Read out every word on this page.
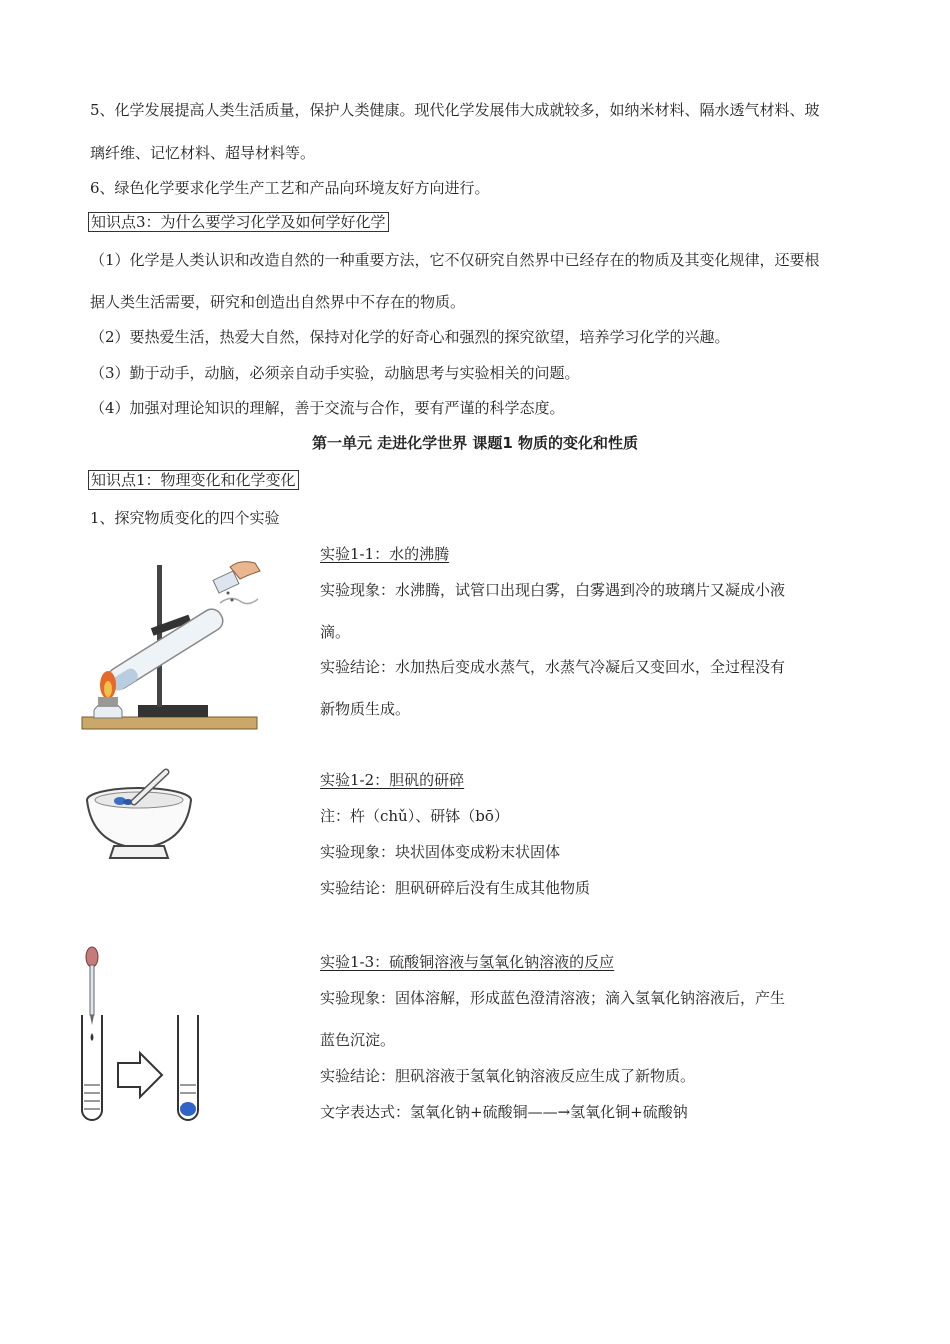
5、化学发展提高人类生活质量，保护人类健康。现代化学发展伟大成就较多，如纳米材料、隔水透气材料、玻
璃纤维、记忆材料、超导材料等。
6、绿色化学要求化学生产工艺和产品向环境友好方向进行。
知识点3：为什么要学习化学及如何学好化学
（1）化学是人类认识和改造自然的一种重要方法，它不仅研究自然界中已经存在的物质及其变化规律，还要根
据人类生活需要，研究和创造出自然界中不存在的物质。
（2）要热爱生活，热爱大自然，保持对化学的好奇心和强烈的探究欲望，培养学习化学的兴趣。
（3）勤于动手，动脑，必须亲自动手实验，动脑思考与实验相关的问题。
（4）加强对理论知识的理解，善于交流与合作，要有严谨的科学态度。
第一单元 走进化学世界 课题1 物质的变化和性质
知识点1：物理变化和化学变化
1、探究物质变化的四个实验
实验1-1：水的沸腾
实验现象：水沸腾，试管口出现白雾，白雾遇到冷的玻璃片又凝成小液
滴。
实验结论：水加热后变成水蒸气，水蒸气冷凝后又变回水，全过程没有
新物质生成。
实验1-2：胆矾的研碎
注：杵（chǔ）、研钵（bō）
实验现象：块状固体变成粉末状固体
实验结论：胆矾研碎后没有生成其他物质
实验1-3：硫酸铜溶液与氢氧化钠溶液的反应
实验现象：固体溶解，形成蓝色澄清溶液；滴入氢氧化钠溶液后，产生
蓝色沉淀。
实验结论：胆矾溶液于氢氧化钠溶液反应生成了新物质。
文字表达式：氢氧化钠+硫酸铜——→氢氧化铜+硫酸钠
